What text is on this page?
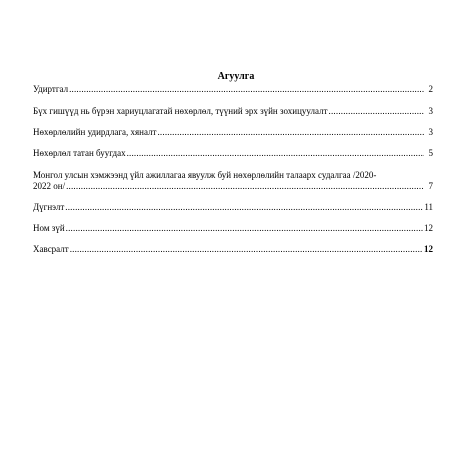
Агуулга
Удиртгал .....	2
Бүх гишүүд нь бүрэн хариуцлагатай нөхөрлөл, түүний эрх зүйн зохицуулалт .....	3
Нөхөрлөлийн удирдлага, хяналт .....	3
Нөхөрлөл татан буугдах .....	5
Монгол улсын хэмжээнд үйл ажиллагаа явуулж буй нөхөрлөлийн талаарх судалгаа /2020-
2022 он/ .....	7
Дүгнэлт .....	11
Ном зүй .....	12
Хавсралт .....	12
